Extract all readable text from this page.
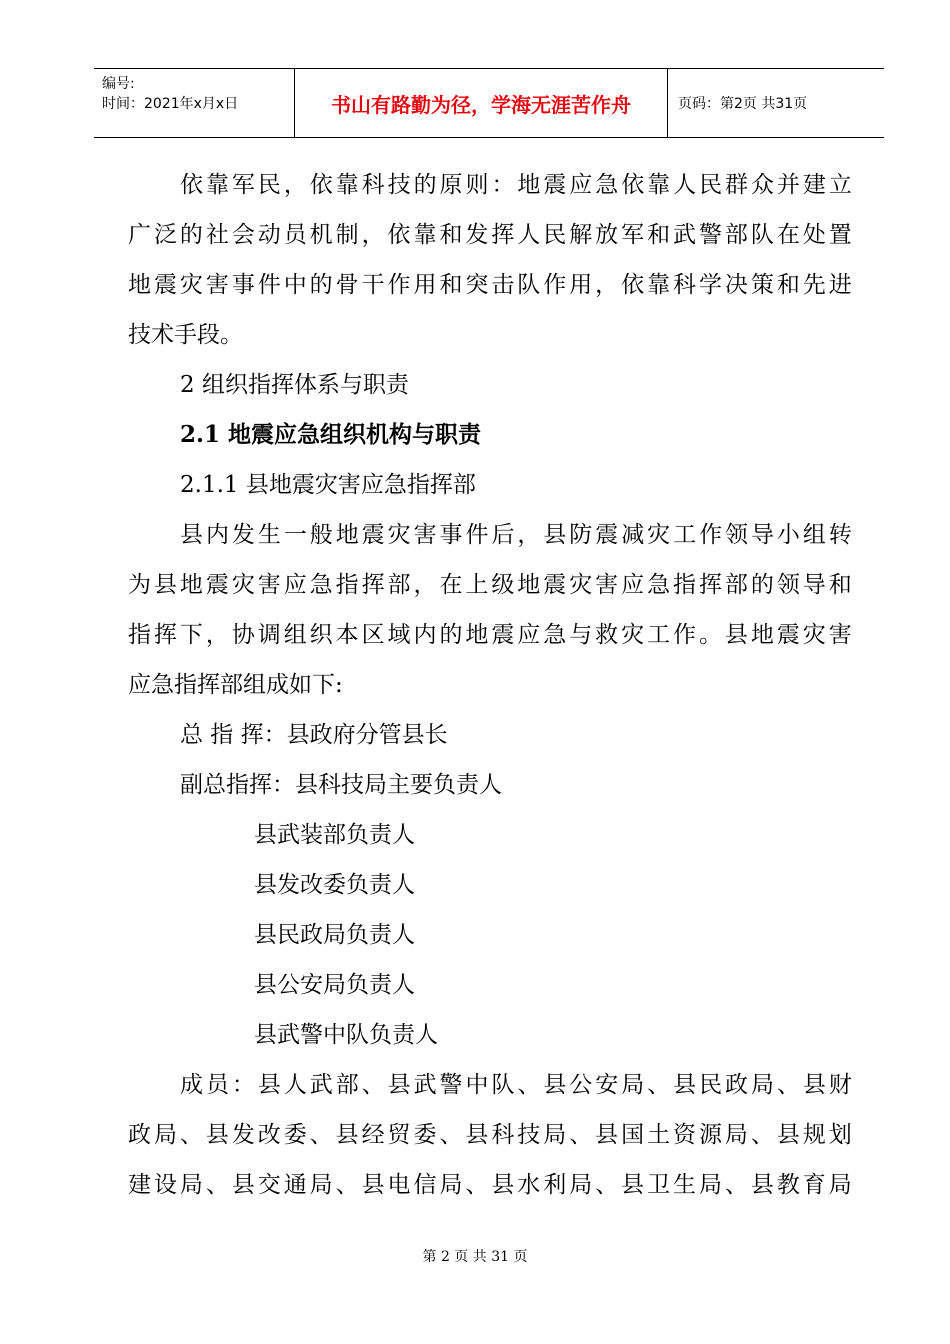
编号:
时间：2021年x月x日	书山有路勤为径，学海无涯苦作舟	页码：第2页 共31页
依 靠 军 民 ， 依 靠 科 技 的 原 则 ： 地 震 应 急 依 靠 人 民 群 众 并 建 立
广 泛 的 社 会 动 员 机 制 ， 依 靠 和 发 挥 人 民 解 放 军 和 武 警 部 队 在 处 置
地 震 灾 害 事 件 中 的 骨 干 作 用 和 突 击 队 作 用 ， 依 靠 科 学 决 策 和 先 进
技术手段。
2 组织指挥体系与职责
2.1 地震应急组织机构与职责
2.1.1 县地震灾害应急指挥部
县 内 发 生 一 般 地 震 灾 害 事 件 后 ， 县 防 震 减 灾 工 作 领 导 小 组 转
为 县 地 震 灾 害 应 急 指 挥 部 ， 在 上 级 地 震 灾 害 应 急 指 挥 部 的 领 导 和
指 挥 下 ， 协 调 组 织 本 区 域 内 的 地 震 应 急 与 救 灾 工 作 。 县 地 震 灾 害
应急指挥部组成如下:
总 指 挥：县政府分管县长
副总指挥：县科技局主要负责人
县武装部负责人
县发改委负责人
县民政局负责人
县公安局负责人
县武警中队负责人
成 员 ： 县 人 武 部 、 县 武 警 中 队 、 县 公 安 局 、 县 民 政 局 、 县 财
政 局 、 县 发 改 委 、 县 经 贸 委 、 县 科 技 局 、 县 国 土 资 源 局 、 县 规 划
建 设 局 、 县 交 通 局 、 县 电 信 局 、 县 水 利 局 、 县 卫 生 局 、 县 教 育 局
第 2 页 共 31 页
